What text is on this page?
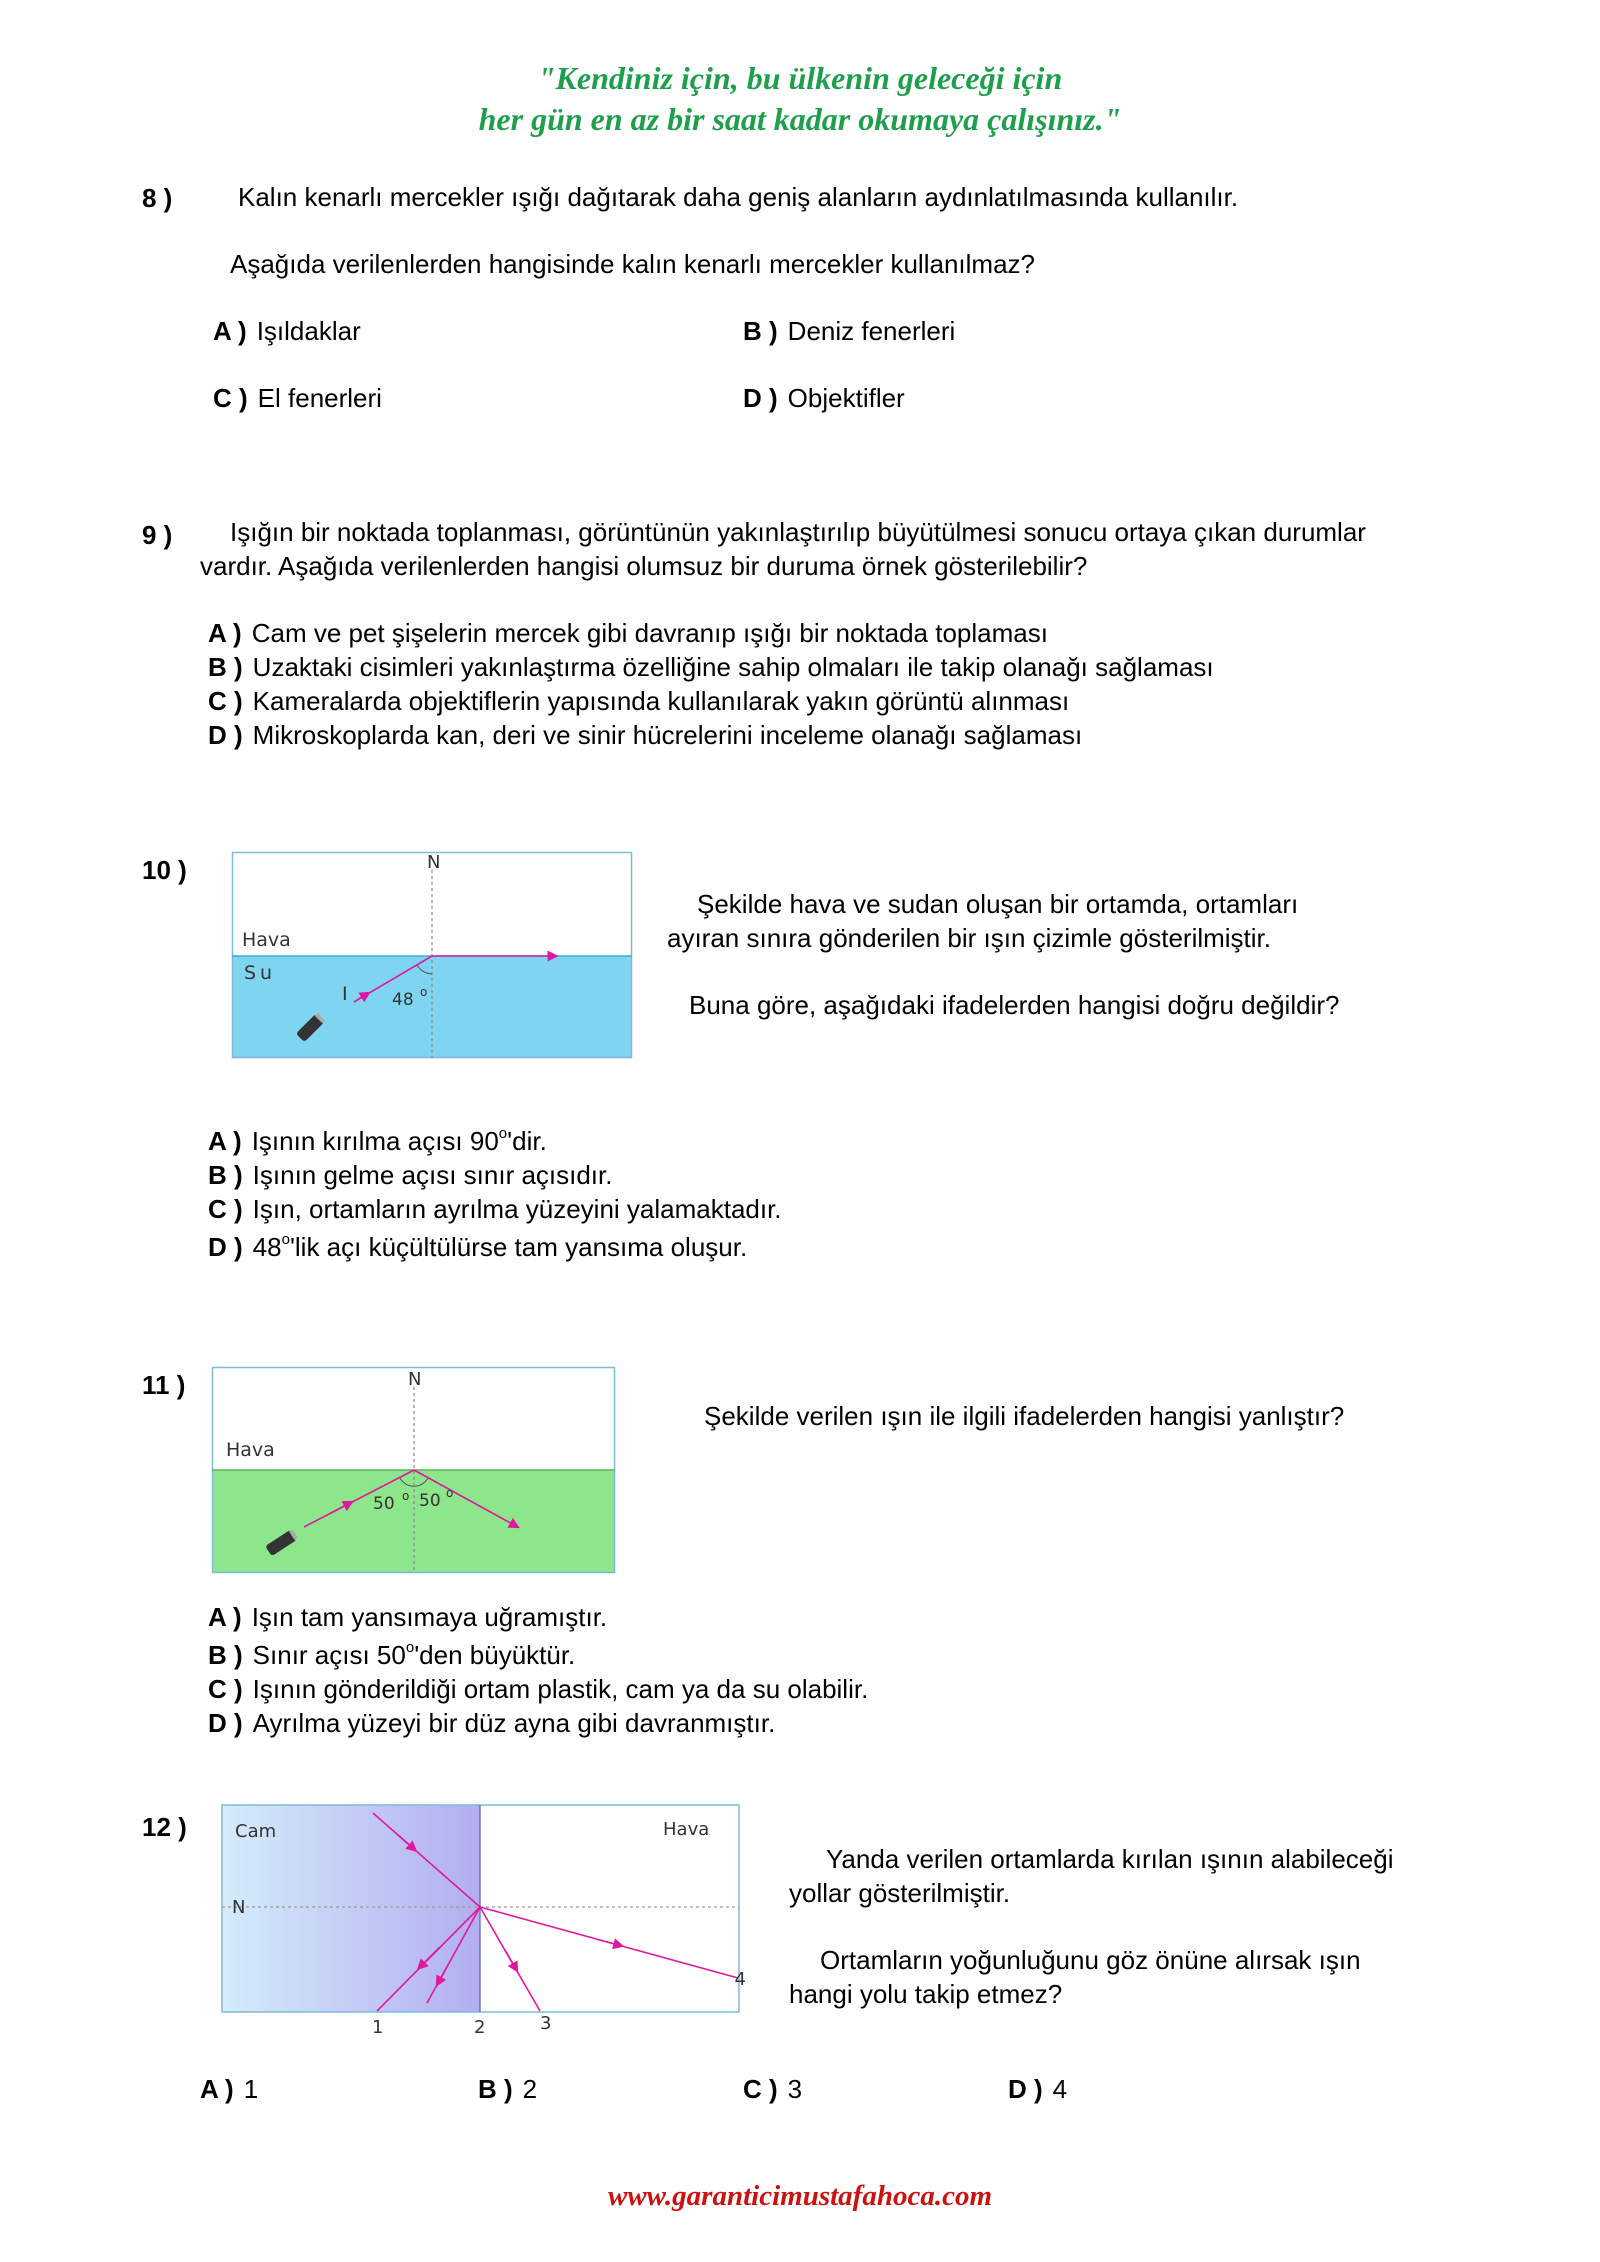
"Kendiniz için, bu ülkenin geleceği için
her gün en az bir saat kadar okumaya çalışınız."
8 )	Kalın kenarlı mercekler ışığı dağıtarak daha geniş alanların aydınlatılmasında kullanılır.
Aşağıda verilenlerden hangisinde kalın kenarlı mercekler kullanılmaz?
A ) Işıldaklar	B ) Deniz fenerleri
C ) El fenerleri	D ) Objektifler
9 ) Işığın bir noktada toplanması, görüntünün yakınlaştırılıp büyütülmesi sonucu ortaya çıkan durumlar
vardır. Aşağıda verilenlerden hangisi olumsuz bir duruma örnek gösterilebilir?
A ) Cam ve pet şişelerin mercek gibi davranıp ışığı bir noktada toplaması
B ) Uzaktaki cisimleri yakınlaştırma özelliğine sahip olmaları ile takip olanağı sağlaması
C ) Kameralarda objektiflerin yapısında kullanılarak yakın görüntü alınması
D ) Mikroskoplarda kan, deri ve sinir hücrelerini inceleme olanağı sağlaması
10 )	N
Hava
Su
I	48 o
Şekilde hava ve sudan oluşan bir ortamda, ortamları
ayıran sınıra gönderilen bir ışın çizimle gösterilmiştir.
Buna göre, aşağıdaki ifadelerden hangisi doğru değildir?
A ) Işının kırılma açısı 90$^o$'dir.
B ) Işının gelme açısı sınır açısıdır.
C ) Işın, ortamların ayrılma yüzeyini yalamaktadır.
D ) 48$^o$'lik açı küçültülürse tam yansıma oluşur.
11 )	N
Hava
50 o 50 o
Şekilde verilen ışın ile ilgili ifadelerden hangisi yanlıştır?
A ) Işın tam yansımaya uğramıştır.
B ) Sınır açısı 50$^o$'den büyüktür.
C ) Işının gönderildiği ortam plastik, cam ya da su olabilir.
D ) Ayrılma yüzeyi bir düz ayna gibi davranmıştır.
12 )	Cam	Hava
N
1	2	3
4
Yanda verilen ortamlarda kırılan ışının alabileceği
yollar gösterilmiştir.
Ortamların yoğunluğunu göz önüne alırsak ışın
hangi yolu takip etmez?
A ) 1	B ) 2	C ) 3	D ) 4
www.garanticimustafahoca.com
